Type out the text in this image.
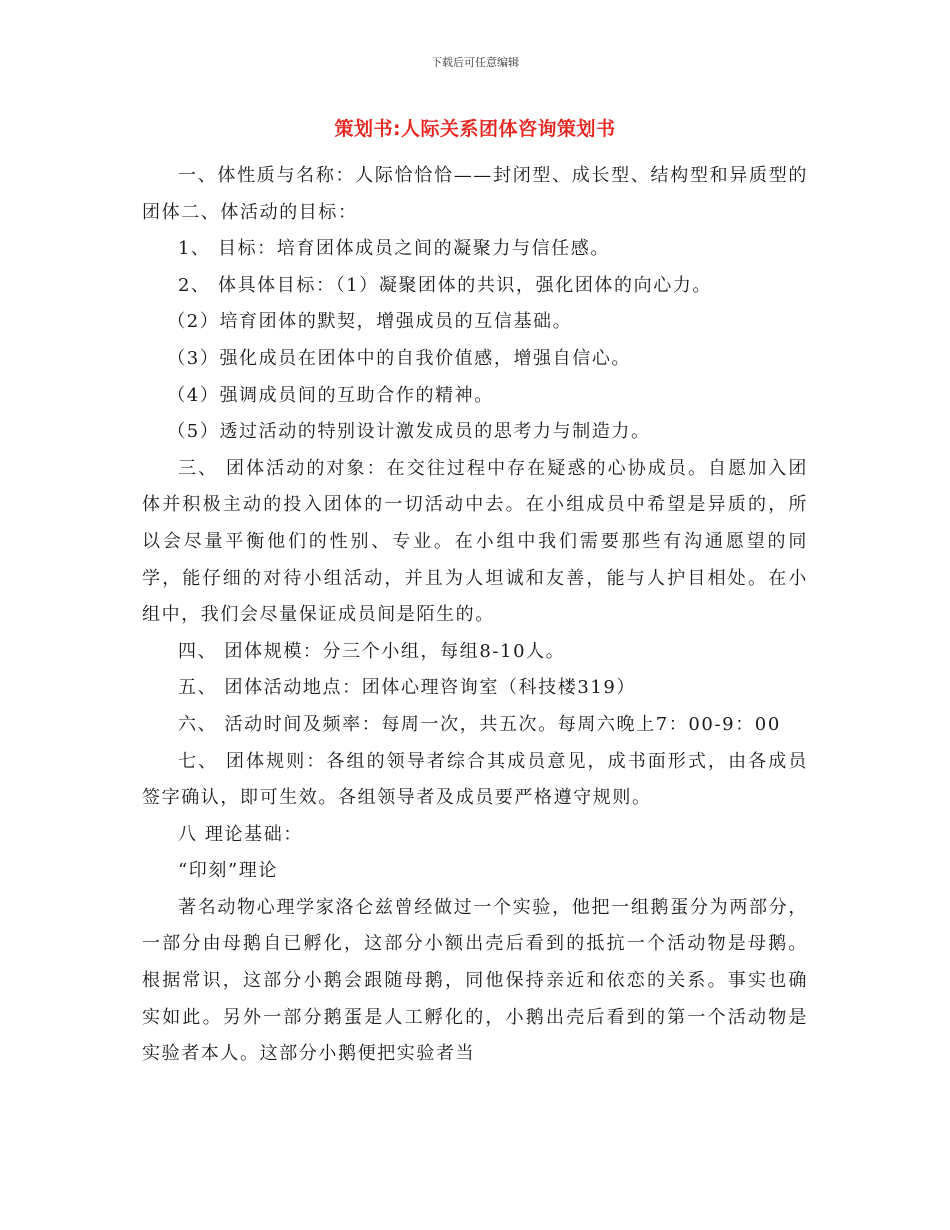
下载后可任意编辑
策划书:人际关系团体咨询策划书

一、体性质与名称：人际恰恰恰——封闭型、成长型、结构型和异质型的团体二、体活动的目标：

1、 目标：培育团体成员之间的凝聚力与信任感。

2、 体具体目标：（1）凝聚团体的共识，强化团体的向心力。

（2）培育团体的默契，增强成员的互信基础。

（3）强化成员在团体中的自我价值感，增强自信心。

（4）强调成员间的互助合作的精神。

（5）透过活动的特别设计激发成员的思考力与制造力。

三、 团体活动的对象：在交往过程中存在疑惑的心协成员。自愿加入团体并积极主动的投入团体的一切活动中去。在小组成员中希望是异质的，所以会尽量平衡他们的性别、专业。在小组中我们需要那些有沟通愿望的同学，能仔细的对待小组活动，并且为人坦诚和友善，能与人护目相处。在小组中，我们会尽量保证成员间是陌生的。

四、 团体规模：分三个小组，每组8-10人。

五、 团体活动地点：团体心理咨询室（科技楼319）

六、 活动时间及频率：每周一次，共五次。每周六晚上7：00-9：00

七、 团体规则：各组的领导者综合其成员意见，成书面形式，由各成员签字确认，即可生效。各组领导者及成员要严格遵守规则。

八 理论基础：

“印刻”理论

著名动物心理学家洛仑兹曾经做过一个实验，他把一组鹅蛋分为两部分，一部分由母鹅自已孵化，这部分小额出壳后看到的抵抗一个活动物是母鹅。根据常识，这部分小鹅会跟随母鹅，同他保持亲近和依恋的关系。事实也确实如此。另外一部分鹅蛋是人工孵化的，小鹅出壳后看到的第一个活动物是实验者本人。这部分小鹅便把实验者当
